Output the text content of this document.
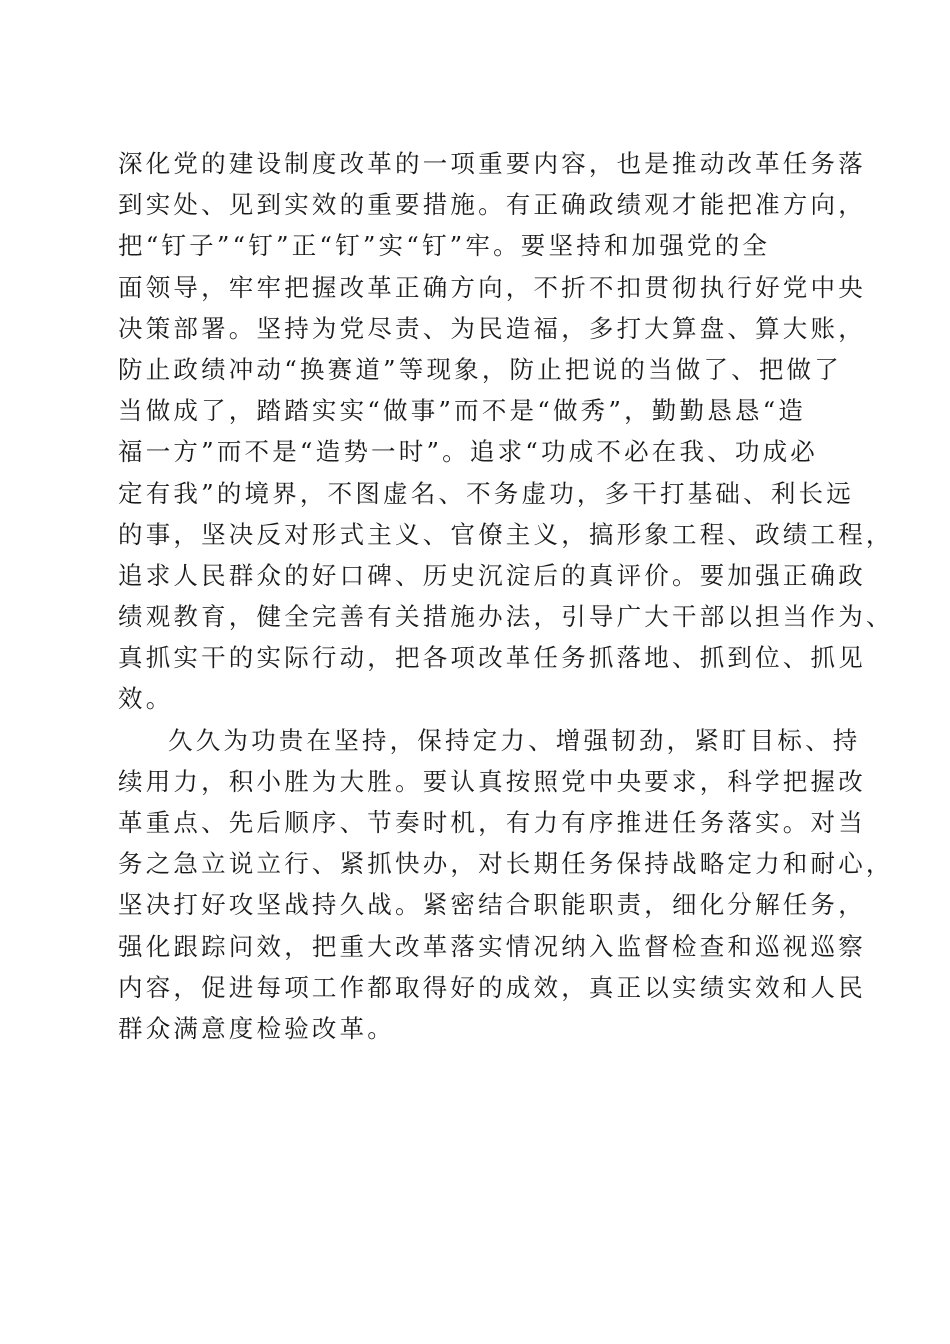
深化党的建设制度改革的一项重要内容，也是推动改革任务落
到实处、见到实效的重要措施。有正确政绩观才能把准方向，
把“钉子”“钉”正“钉”实“钉”牢。要坚持和加强党的全
面领导，牢牢把握改革正确方向，不折不扣贯彻执行好党中央
决策部署。坚持为党尽责、为民造福，多打大算盘、算大账，
防止政绩冲动“换赛道”等现象，防止把说的当做了、把做了
当做成了，踏踏实实“做事”而不是“做秀”，勤勤恳恳“造
福一方”而不是“造势一时”。追求“功成不必在我、功成必
定有我”的境界，不图虚名、不务虚功，多干打基础、利长远
的事，坚决反对形式主义、官僚主义，搞形象工程、政绩工程，
追求人民群众的好口碑、历史沉淀后的真评价。要加强正确政
绩观教育，健全完善有关措施办法，引导广大干部以担当作为、
真抓实干的实际行动，把各项改革任务抓落地、抓到位、抓见
效。
久久为功贵在坚持，保持定力、增强韧劲，紧盯目标、持
续用力，积小胜为大胜。要认真按照党中央要求，科学把握改
革重点、先后顺序、节奏时机，有力有序推进任务落实。对当
务之急立说立行、紧抓快办，对长期任务保持战略定力和耐心，
坚决打好攻坚战持久战。紧密结合职能职责，细化分解任务，
强化跟踪问效，把重大改革落实情况纳入监督检查和巡视巡察
内容，促进每项工作都取得好的成效，真正以实绩实效和人民
群众满意度检验改革。
